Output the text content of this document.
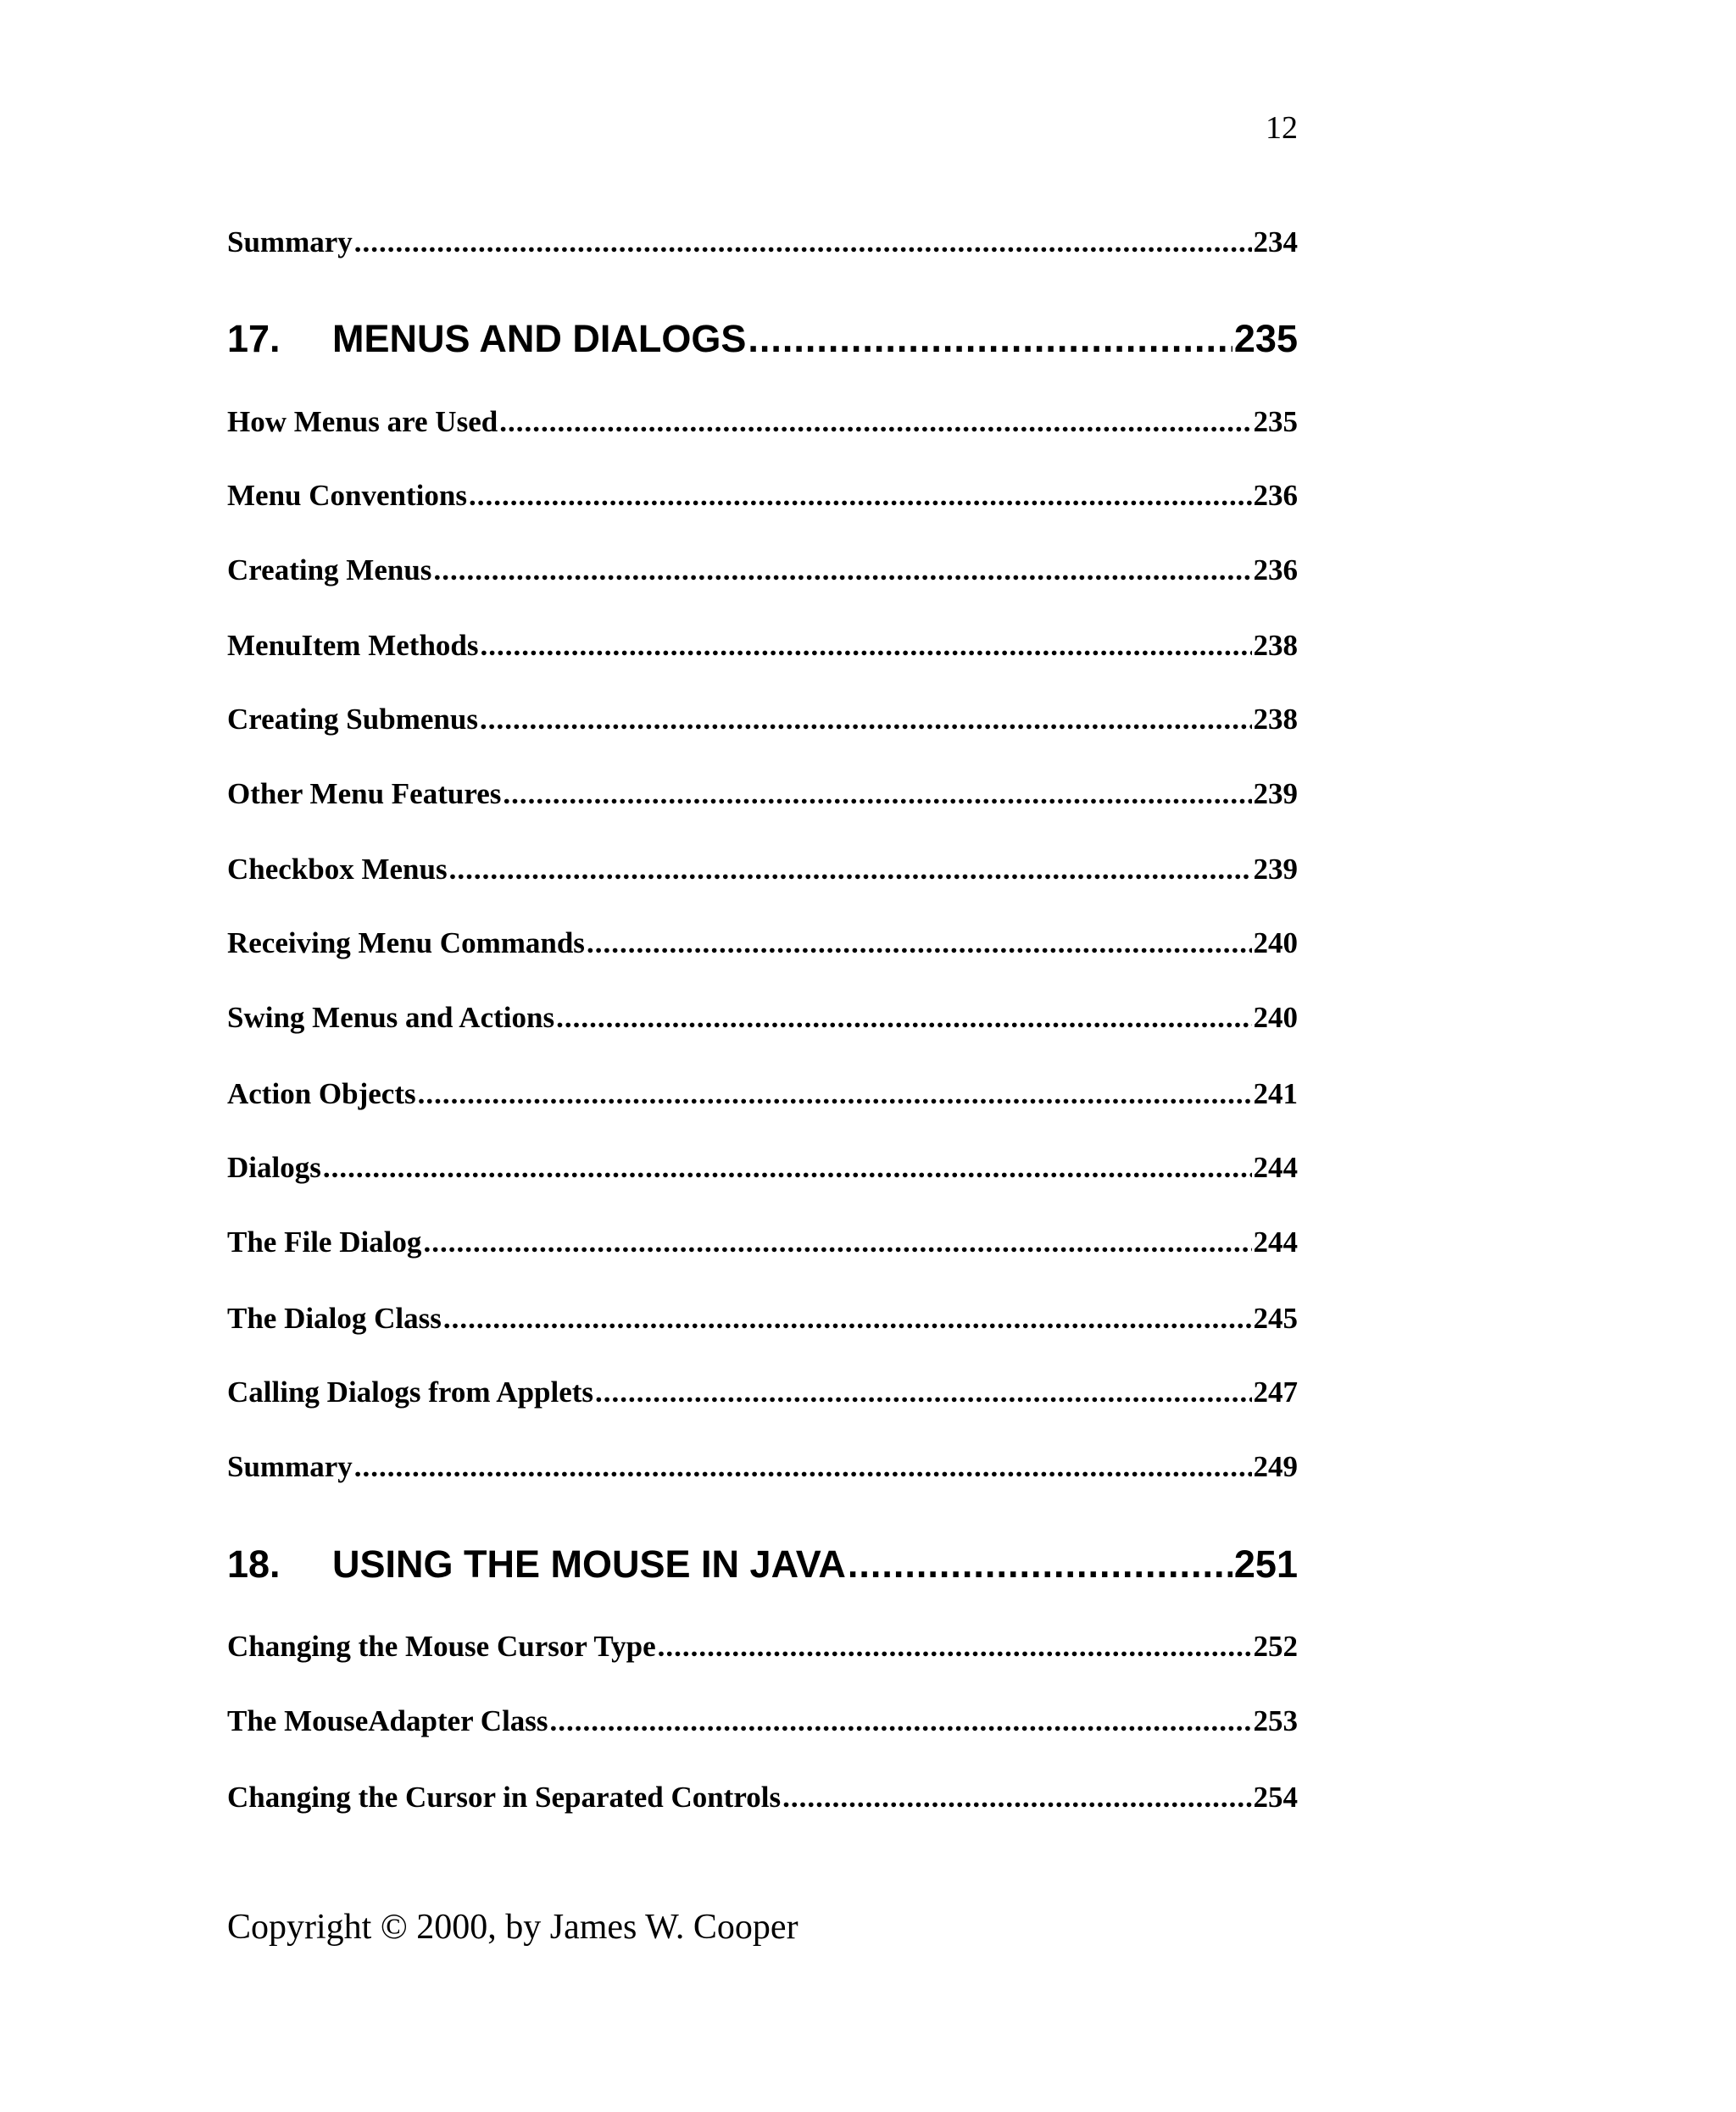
12
Summary .....	234
17.	MENUS AND DIALOGS .....	235
How Menus are Used .....	235
Menu Conventions .....	236
Creating Menus .....	236
MenuItem Methods .....	238
Creating Submenus .....	238
Other Menu Features .....	239
Checkbox Menus .....	239
Receiving Menu Commands .....	240
Swing Menus and Actions .....	240
Action Objects .....	241
Dialogs .....	244
The File Dialog .....	244
The Dialog Class .....	245
Calling Dialogs from Applets .....	247
Summary .....	249
18.	USING THE MOUSE IN JAVA .....	251
Changing the Mouse Cursor Type .....	252
The MouseAdapter Class .....	253
Changing the Cursor in Separated Controls .....	254
Copyright © 2000, by James W. Cooper
